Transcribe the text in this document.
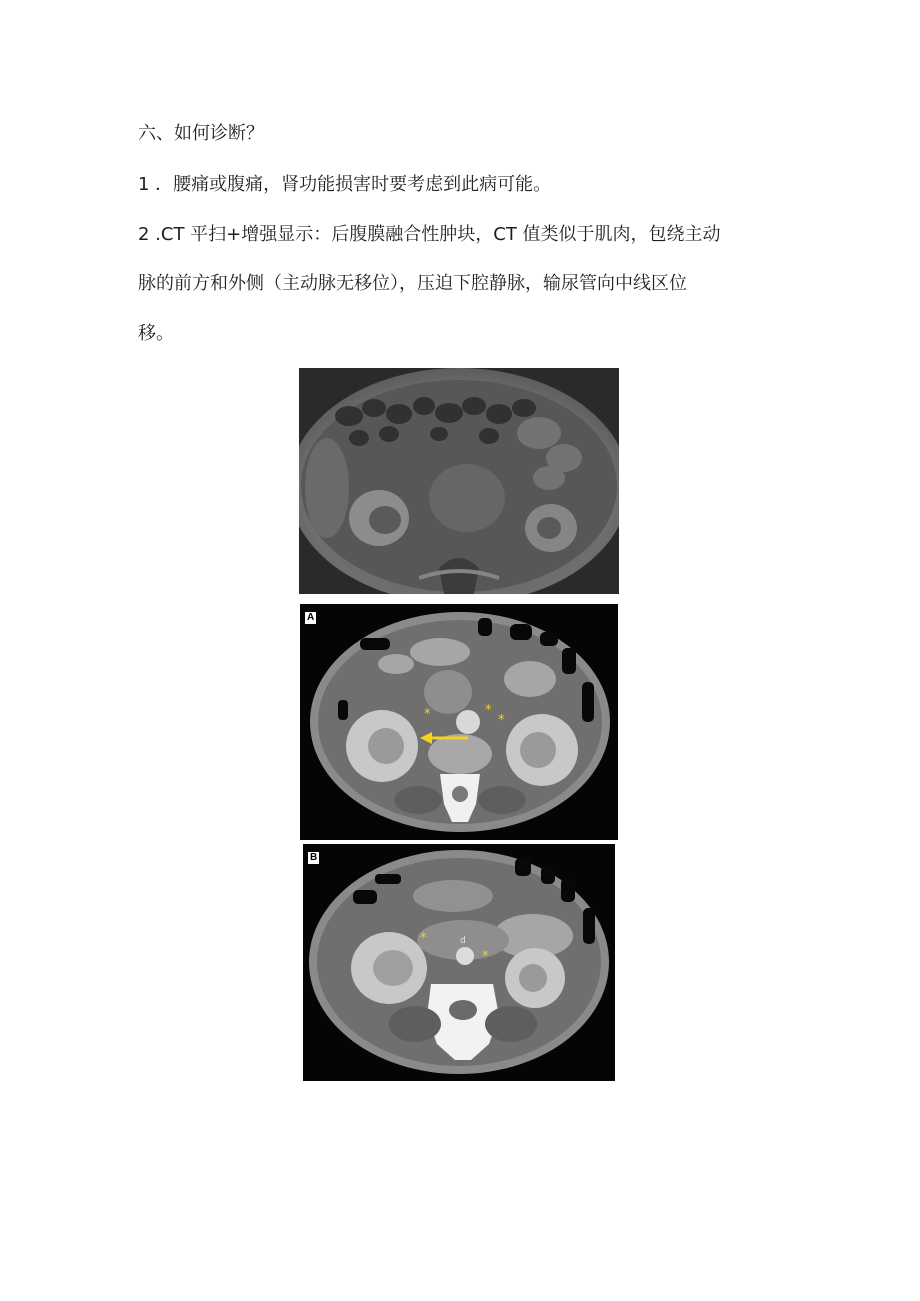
六、如何诊断？
1 ．腰痛或腹痛，肾功能损害时要考虑到此病可能。
2 .CT 平扫+增强显示：后腹膜融合性肿块，CT 值类似于肌肉，包绕主动
脉的前方和外侧（主动脉无移位），压迫下腔静脉，输尿管向中线区位
移。
A
*	*
*
B
*
*
d
